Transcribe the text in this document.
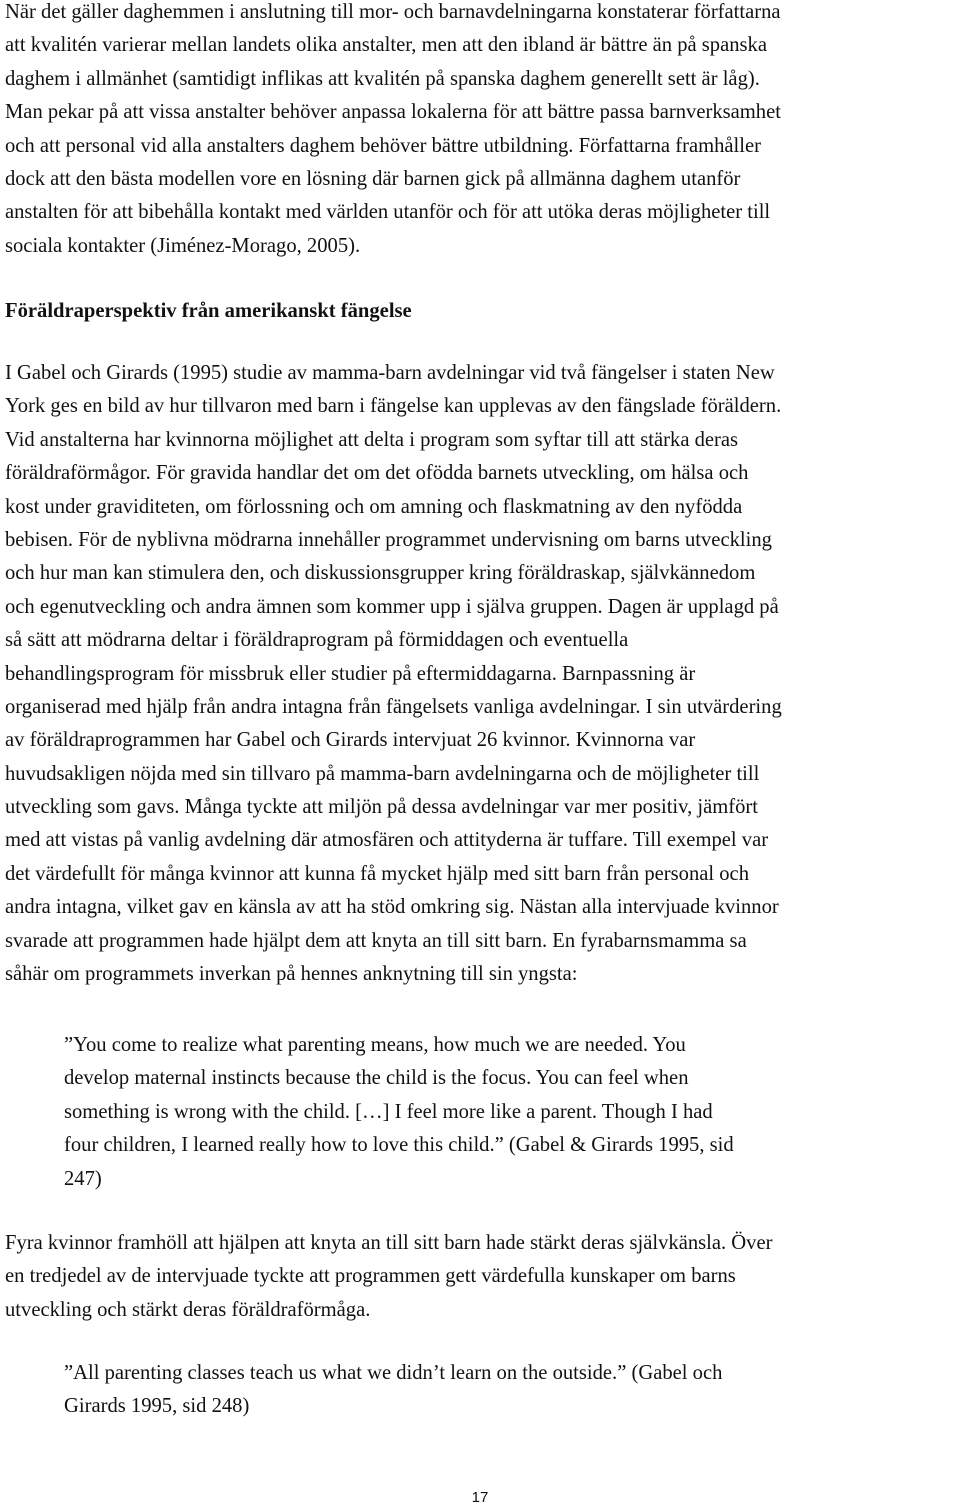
När det gäller daghemmen i anslutning till mor- och barnavdelningarna konstaterar författarna
att kvalitén varierar mellan landets olika anstalter, men att den ibland är bättre än på spanska
daghem i allmänhet (samtidigt inflikas att kvalitén på spanska daghem generellt sett är låg).
Man pekar på att vissa anstalter behöver anpassa lokalerna för att bättre passa barnverksamhet
och att personal vid alla anstalters daghem behöver bättre utbildning. Författarna framhåller
dock att den bästa modellen vore en lösning där barnen gick på allmänna daghem utanför
anstalten för att bibehålla kontakt med världen utanför och för att utöka deras möjligheter till
sociala kontakter (Jiménez-Morago, 2005).
Föräldraperspektiv från amerikanskt fängelse
I Gabel och Girards (1995) studie av mamma-barn avdelningar vid två fängelser i staten New
York ges en bild av hur tillvaron med barn i fängelse kan upplevas av den fängslade föräldern.
Vid anstalterna har kvinnorna möjlighet att delta i program som syftar till att stärka deras
föräldraförmågor. För gravida handlar det om det ofödda barnets utveckling, om hälsa och
kost under graviditeten, om förlossning och om amning och flaskmatning av den nyfödda
bebisen. För de nyblivna mödrarna innehåller programmet undervisning om barns utveckling
och hur man kan stimulera den, och diskussionsgrupper kring föräldraskap, självkännedom
och egenutveckling och andra ämnen som kommer upp i själva gruppen. Dagen är upplagd på
så sätt att mödrarna deltar i föräldraprogram på förmiddagen och eventuella
behandlingsprogram för missbruk eller studier på eftermiddagarna. Barnpassning är
organiserad med hjälp från andra intagna från fängelsets vanliga avdelningar. I sin utvärdering
av föräldraprogrammen har Gabel och Girards intervjuat 26 kvinnor. Kvinnorna var
huvudsakligen nöjda med sin tillvaro på mamma-barn avdelningarna och de möjligheter till
utveckling som gavs. Många tyckte att miljön på dessa avdelningar var mer positiv, jämfört
med att vistas på vanlig avdelning där atmosfären och attityderna är tuffare. Till exempel var
det värdefullt för många kvinnor att kunna få mycket hjälp med sitt barn från personal och
andra intagna, vilket gav en känsla av att ha stöd omkring sig. Nästan alla intervjuade kvinnor
svarade att programmen hade hjälpt dem att knyta an till sitt barn. En fyrabarnsmamma sa
såhär om programmets inverkan på hennes anknytning till sin yngsta:
”You come to realize what parenting means, how much we are needed. You
develop maternal instincts because the child is the focus. You can feel when
something is wrong with the child. […] I feel more like a parent. Though I had
four children, I learned really how to love this child.” (Gabel & Girards 1995, sid
247)
Fyra kvinnor framhöll att hjälpen att knyta an till sitt barn hade stärkt deras självkänsla. Över
en tredjedel av de intervjuade tyckte att programmen gett värdefulla kunskaper om barns
utveckling och stärkt deras föräldraförmåga.
”All parenting classes teach us what we didn’t learn on the outside.” (Gabel och
Girards 1995, sid 248)
17
